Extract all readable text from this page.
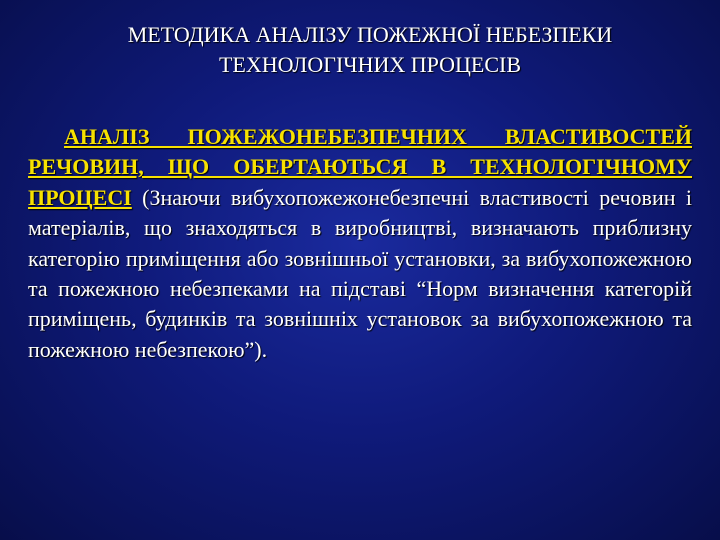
МЕТОДИКА АНАЛІЗУ ПОЖЕЖНОЇ НЕБЕЗПЕКИ
ТЕХНОЛОГІЧНИХ ПРОЦЕСІВ
АНАЛІЗ ПОЖЕЖОНЕБЕЗПЕЧНИХ ВЛАСТИВОСТЕЙ РЕЧОВИН, ЩО ОБЕРТАЮТЬСЯ В ТЕХНОЛОГІЧНОМУ ПРОЦЕСІ (Знаючи вибухопожежонебезпечні властивості речовин і матеріалів, що знаходяться в виробництві, визначають приблизну категорію приміщення або зовнішньої установки, за вибухопожежною та пожежною небезпеками на підставі “Норм визначення категорій приміщень, будинків та зовнішніх установок за вибухопожежною та пожежною небезпекою”).
